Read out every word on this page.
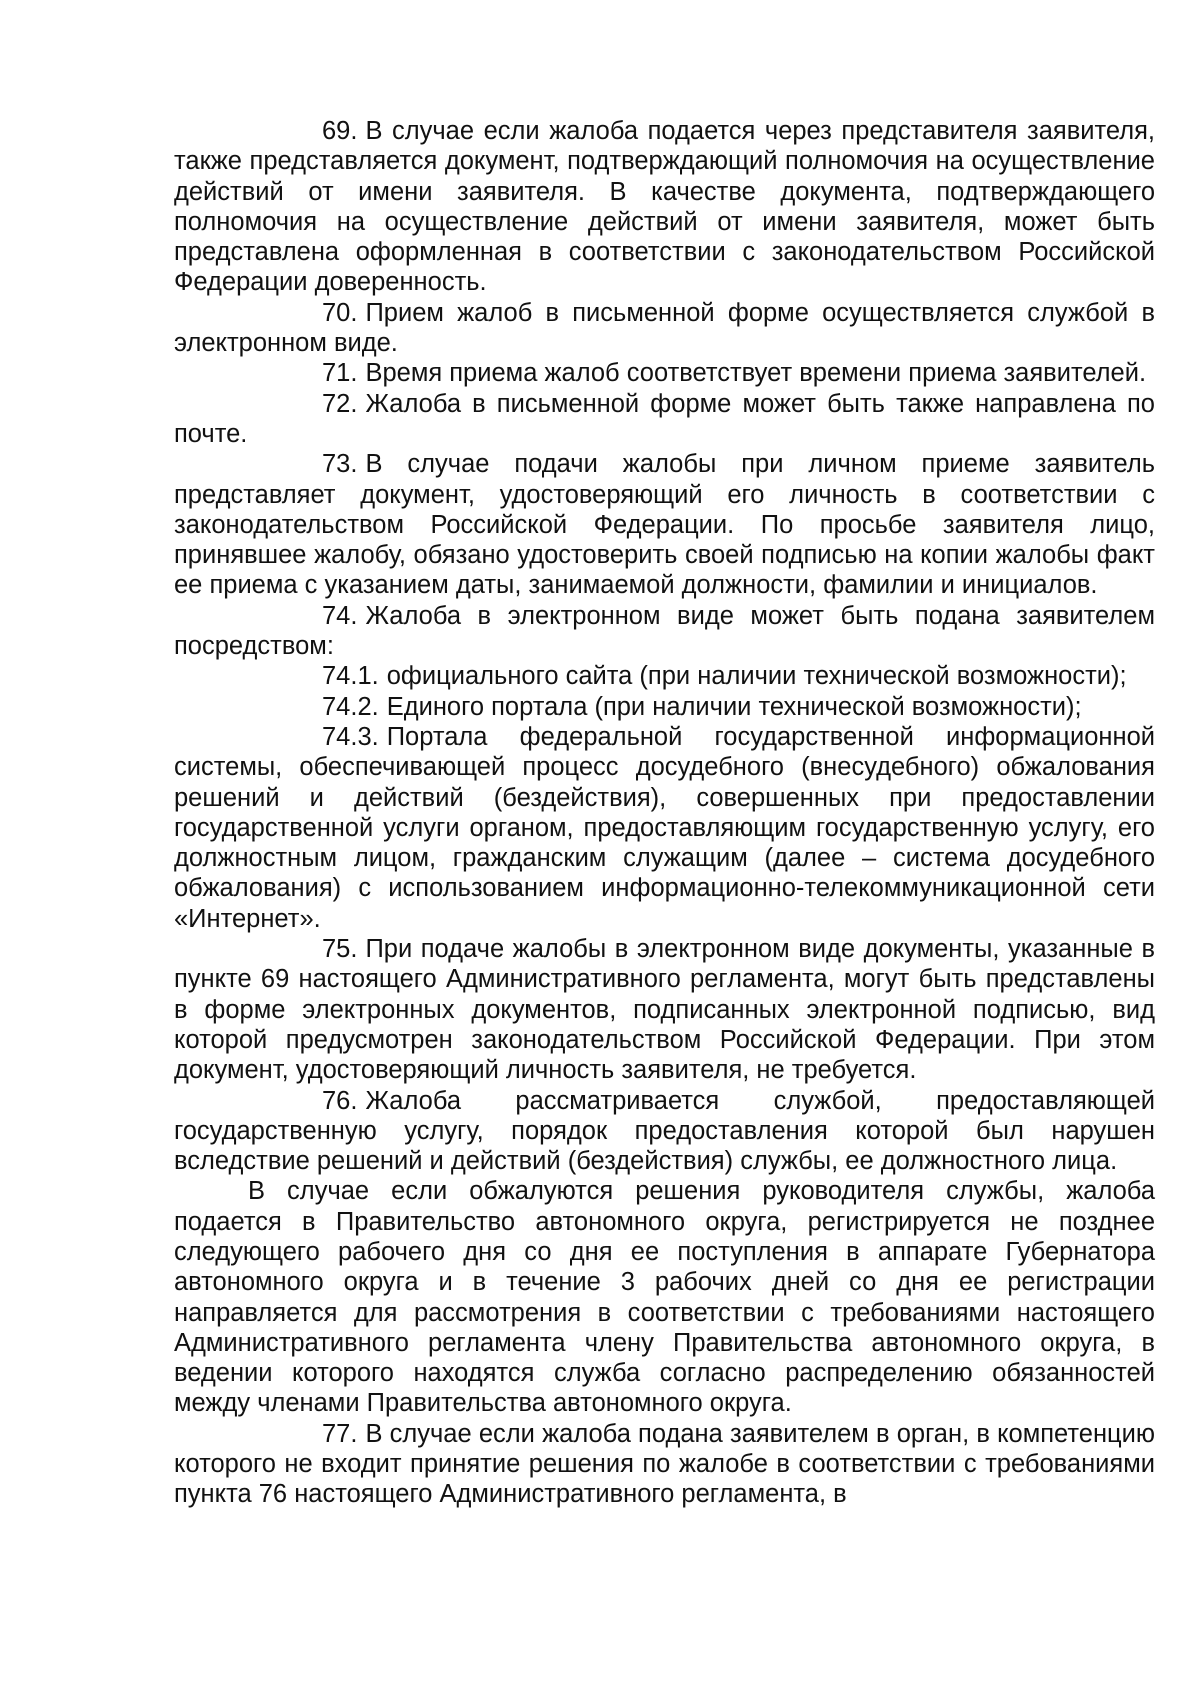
69. В случае если жалоба подается через представителя заявителя, также представляется документ, подтверждающий полномочия на осуществление действий от имени заявителя. В качестве документа, подтверждающего полномочия на осуществление действий от имени заявителя, может быть представлена оформленная в соответствии с законодательством Российской Федерации доверенность.

70. Прием жалоб в письменной форме осуществляется службой в электронном виде.

71. Время приема жалоб соответствует времени приема заявителей.

72. Жалоба в письменной форме может быть также направлена по почте.

73. В случае подачи жалобы при личном приеме заявитель представляет документ, удостоверяющий его личность в соответствии с законодательством Российской Федерации. По просьбе заявителя лицо, принявшее жалобу, обязано удостоверить своей подписью на копии жалобы факт ее приема с указанием даты, занимаемой должности, фамилии и инициалов.

74. Жалоба в электронном виде может быть подана заявителем посредством:

74.1. официального сайта (при наличии технической возможности);

74.2. Единого портала (при наличии технической возможности);

74.3. Портала федеральной государственной информационной системы, обеспечивающей процесс досудебного (внесудебного) обжалования решений и действий (бездействия), совершенных при предоставлении государственной услуги органом, предоставляющим государственную услугу, его должностным лицом, гражданским служащим (далее – система досудебного обжалования) с использованием информационно-телекоммуникационной сети «Интернет».

75. При подаче жалобы в электронном виде документы, указанные в пункте 69 настоящего Административного регламента, могут быть представлены в форме электронных документов, подписанных электронной подписью, вид которой предусмотрен законодательством Российской Федерации. При этом документ, удостоверяющий личность заявителя, не требуется.

76. Жалоба рассматривается службой, предоставляющей государственную услугу, порядок предоставления которой был нарушен вследствие решений и действий (бездействия) службы, ее должностного лица.

В случае если обжалуются решения руководителя службы, жалоба подается в Правительство автономного округа, регистрируется не позднее следующего рабочего дня со дня ее поступления в аппарате Губернатора автономного округа и в течение 3 рабочих дней со дня ее регистрации направляется для рассмотрения в соответствии с требованиями настоящего Административного регламента члену Правительства автономного округа, в ведении которого находятся служба согласно распределению обязанностей между членами Правительства автономного округа.

77. В случае если жалоба подана заявителем в орган, в компетенцию которого не входит принятие решения по жалобе в соответствии с требованиями пункта 76 настоящего Административного регламента, в
